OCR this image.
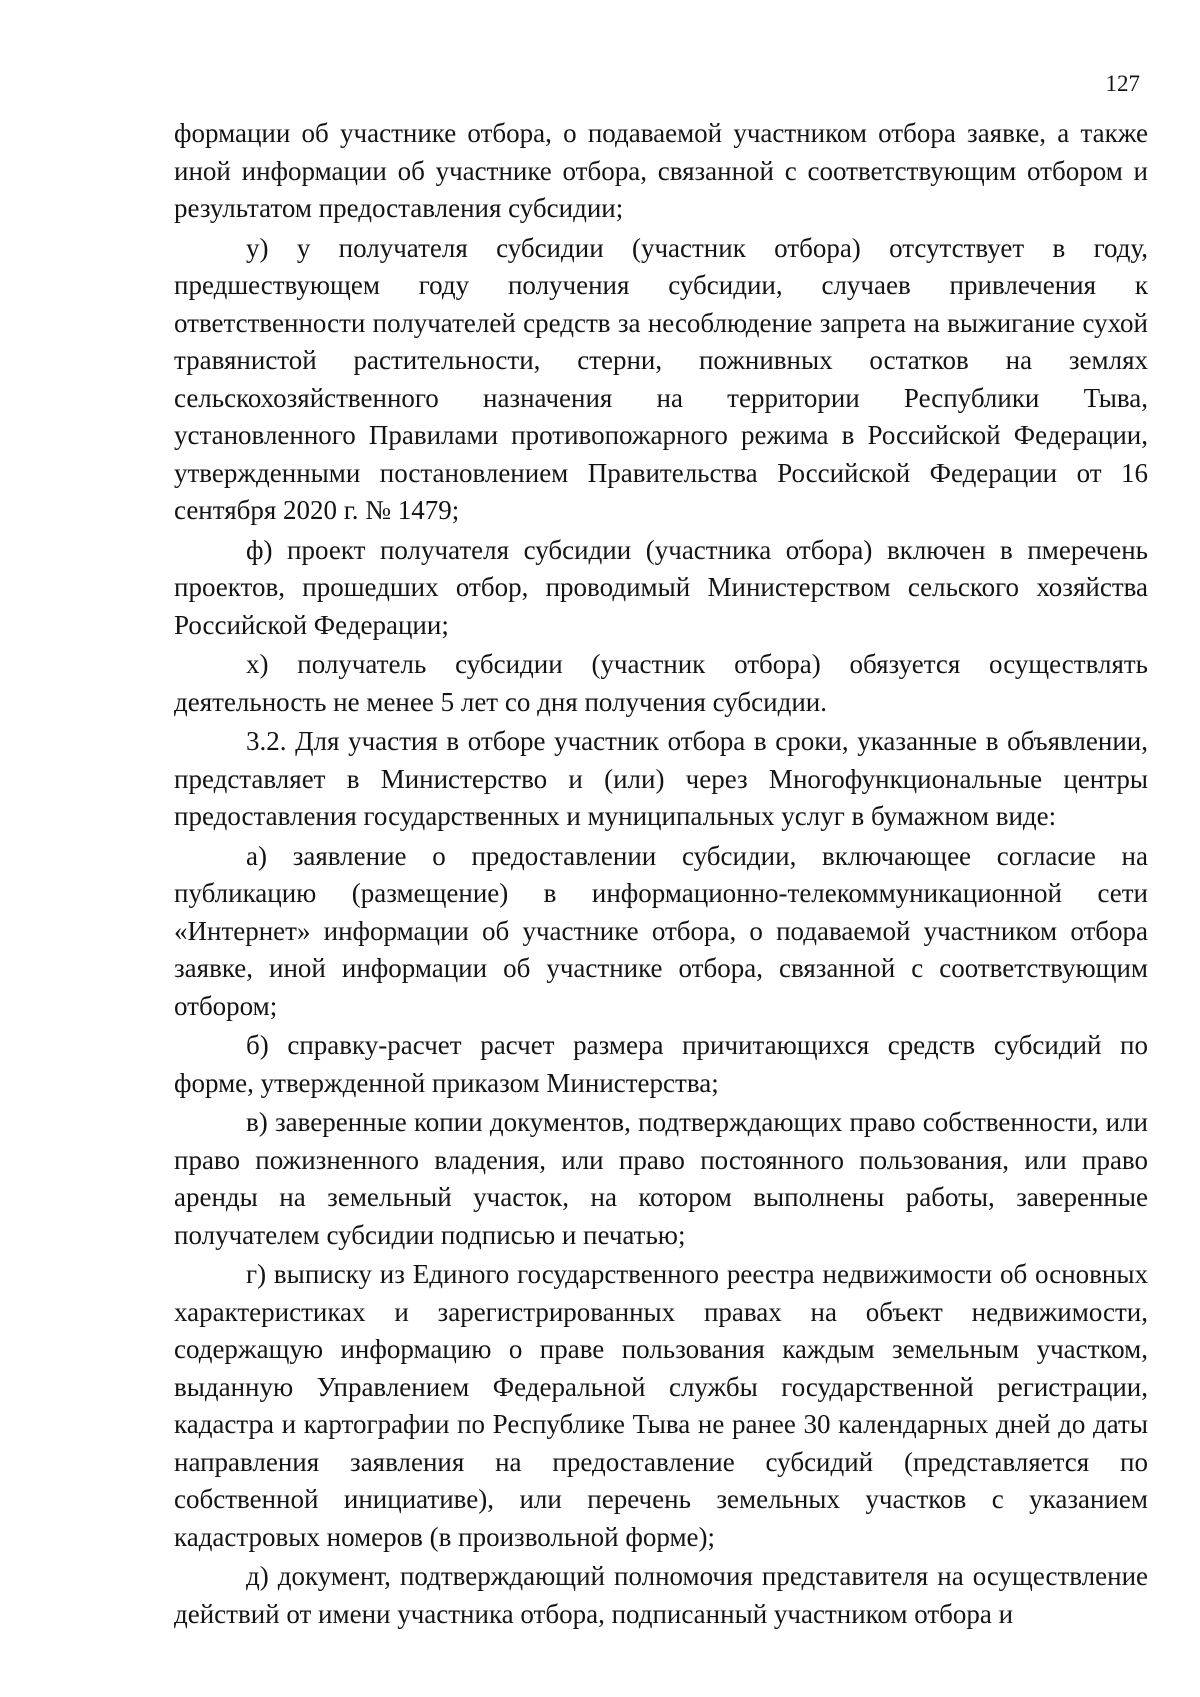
127

формации об участнике отбора, о подаваемой участником отбора заявке, а также иной информации об участнике отбора, связанной с соответствующим отбором и результатом предоставления субсидии;

у) у получателя субсидии (участник отбора) отсутствует в году, предшествующем году получения субсидии, случаев привлечения к ответственности получателей средств за несоблюдение запрета на выжигание сухой травянистой растительности, стерни, пожнивных остатков на землях сельскохозяйственного назначения на территории Республики Тыва, установленного Правилами противопожарного режима в Российской Федерации, утвержденными постановлением Правительства Российской Федерации от 16 сентября 2020 г. № 1479;

ф) проект получателя субсидии (участника отбора) включен в пмеречень проектов, прошедших отбор, проводимый Министерством сельского хозяйства Российской Федерации;

х) получатель субсидии (участник отбора) обязуется осуществлять деятельность не менее 5 лет со дня получения субсидии.

3.2. Для участия в отборе участник отбора в сроки, указанные в объявлении, представляет в Министерство и (или) через Многофункциональные центры предоставления государственных и муниципальных услуг в бумажном виде:

а) заявление о предоставлении субсидии, включающее согласие на публикацию (размещение) в информационно-телекоммуникационной сети «Интернет» информации об участнике отбора, о подаваемой участником отбора заявке, иной информации об участнике отбора, связанной с соответствующим отбором;

б) справку-расчет расчет размера причитающихся средств субсидий по форме, утвержденной приказом Министерства;

в) заверенные копии документов, подтверждающих право собственности, или право пожизненного владения, или право постоянного пользования, или право аренды на земельный участок, на котором выполнены работы, заверенные получателем субсидии подписью и печатью;

г) выписку из Единого государственного реестра недвижимости об основных характеристиках и зарегистрированных правах на объект недвижимости, содержащую информацию о праве пользования каждым земельным участком, выданную Управлением Федеральной службы государственной регистрации, кадастра и картографии по Республике Тыва не ранее 30 календарных дней до даты направления заявления на предоставление субсидий (представляется по собственной инициативе), или перечень земельных участков с указанием кадастровых номеров (в произвольной форме);

д) документ, подтверждающий полномочия представителя на осуществление действий от имени участника отбора, подписанный участником отбора и
